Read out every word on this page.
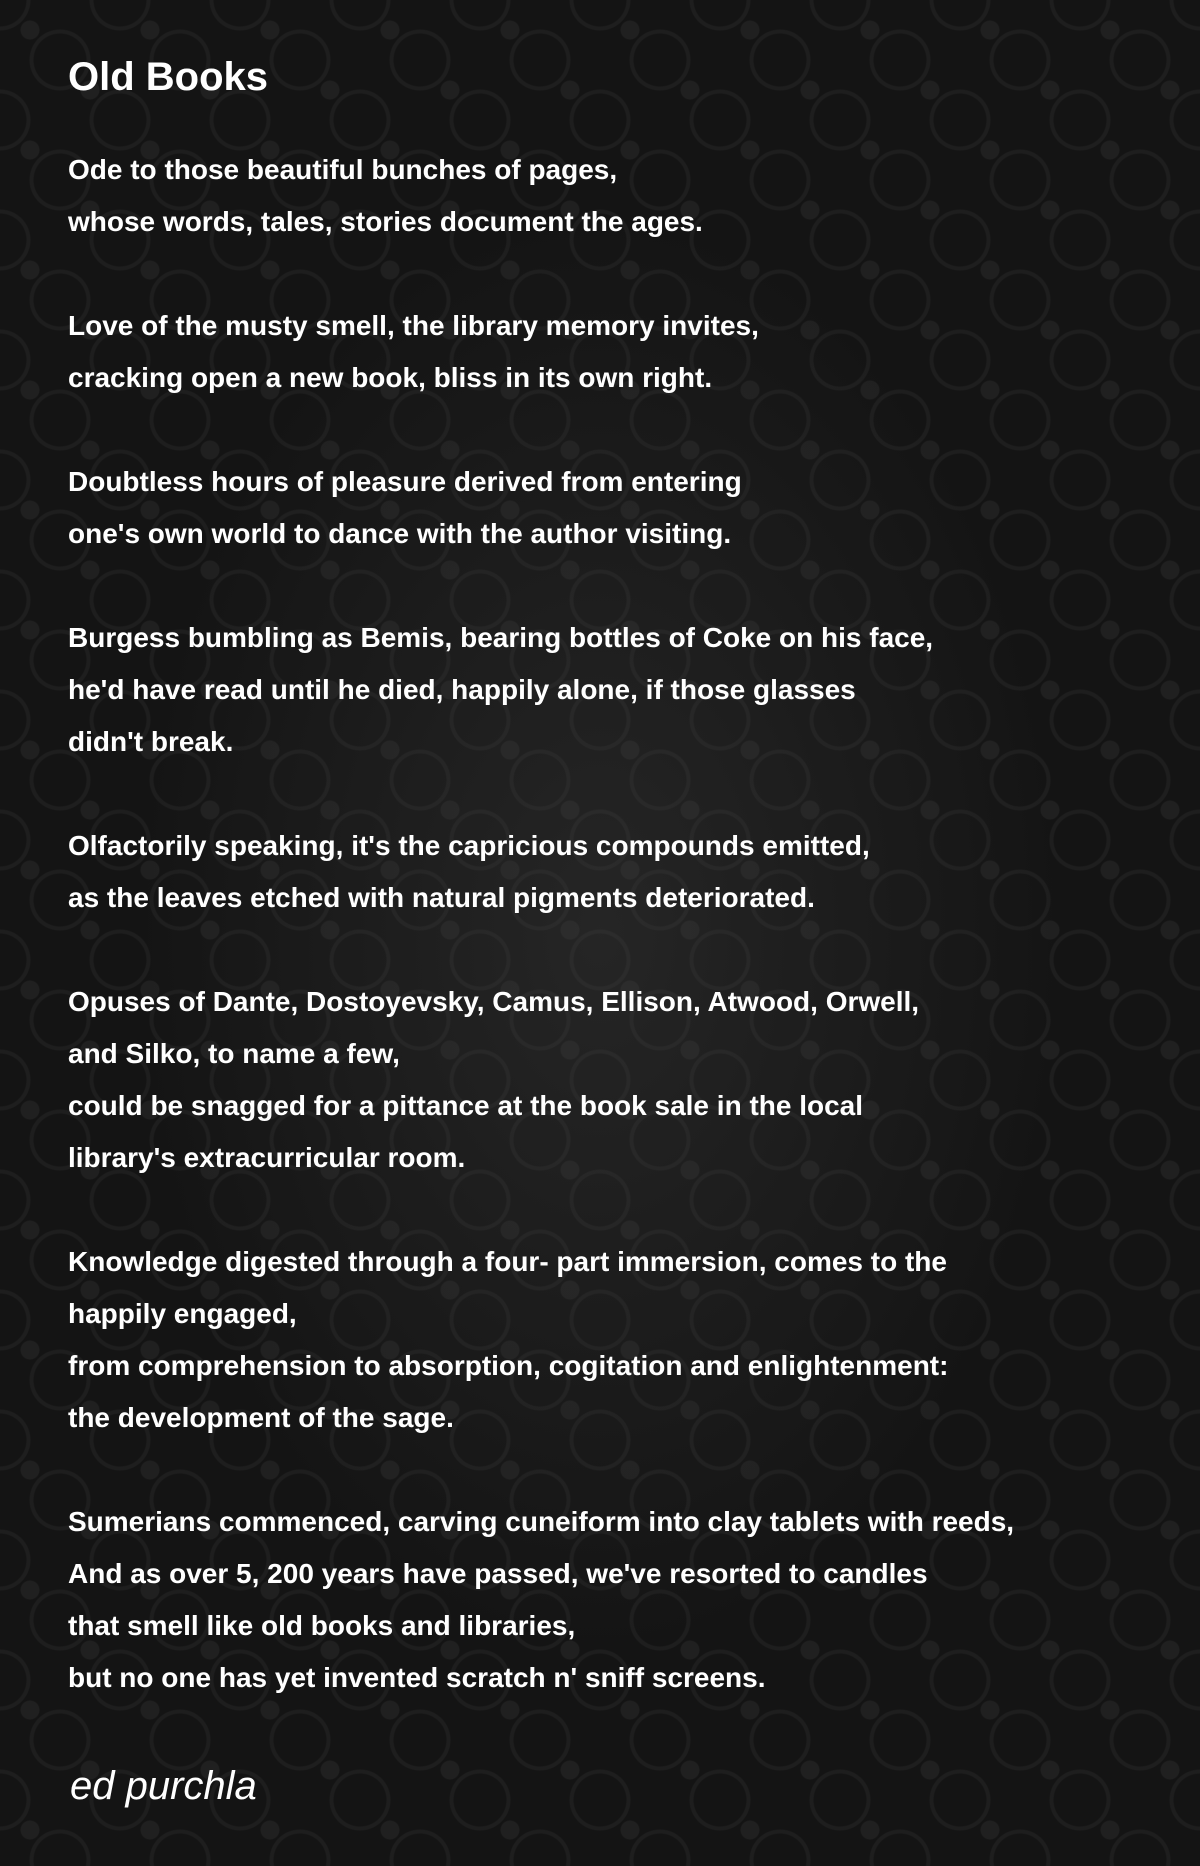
Old Books
Ode to those beautiful bunches of pages,
whose words, tales, stories document the ages.
Love of the musty smell, the library memory invites,
cracking open a new book, bliss in its own right.
Doubtless hours of pleasure derived from entering
one's own world to dance with the author visiting.
Burgess bumbling as Bemis, bearing bottles of Coke on his face,
he'd have read until he died, happily alone, if those glasses
didn't break.
Olfactorily speaking, it's the capricious compounds emitted,
as the leaves etched with natural pigments deteriorated.
Opuses of Dante, Dostoyevsky, Camus, Ellison, Atwood, Orwell,
and Silko, to name a few,
could be snagged for a pittance at the book sale in the local
library's extracurricular room.
Knowledge digested through a four- part immersion, comes to the
happily engaged,
from comprehension to absorption, cogitation and enlightenment:
the development of the sage.
Sumerians commenced, carving cuneiform into clay tablets with reeds,
And as over 5, 200 years have passed, we've resorted to candles
that smell like old books and libraries,
but no one has yet invented scratch n' sniff screens.
ed purchla
